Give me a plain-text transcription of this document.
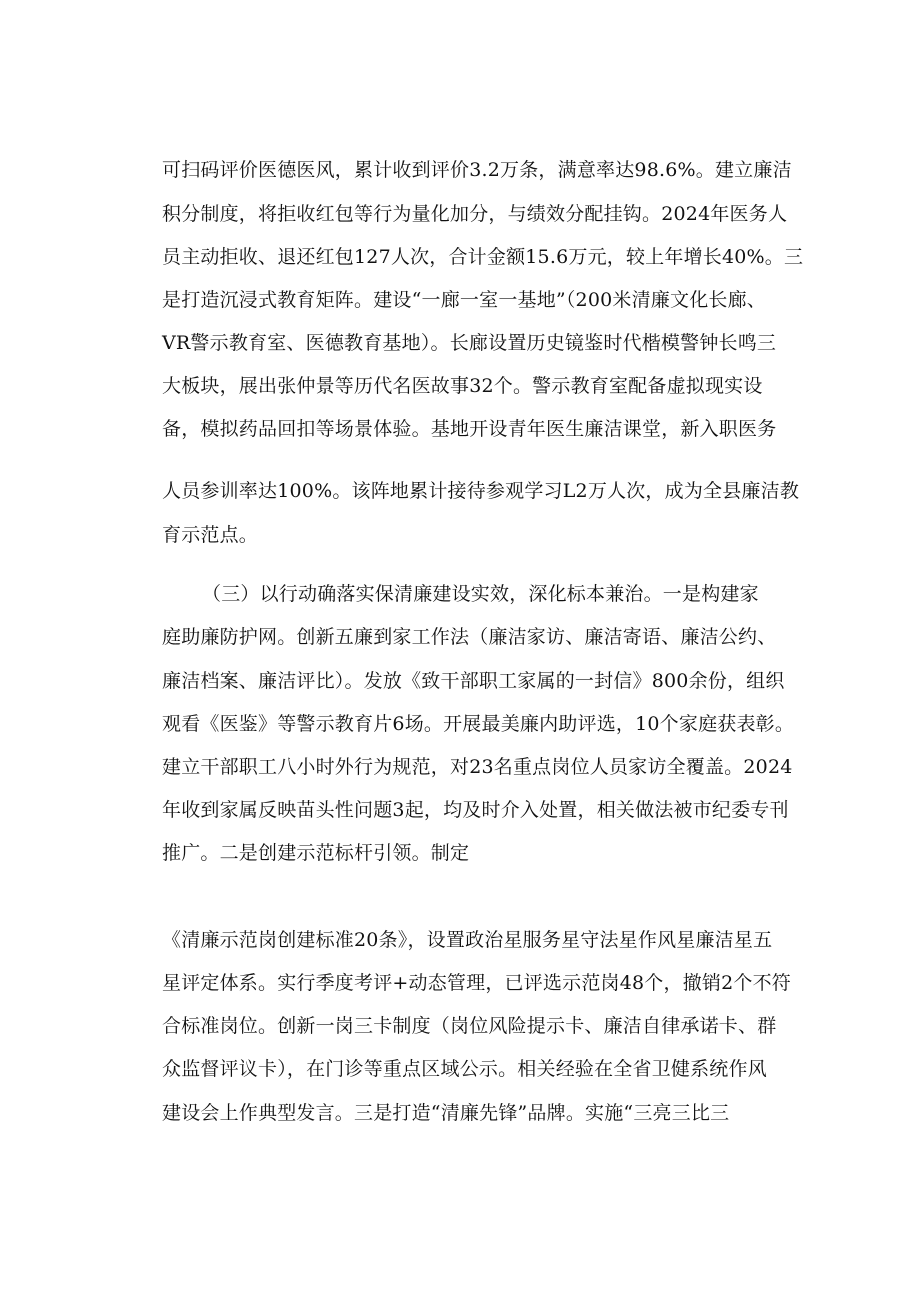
可扫码评价医德医风，累计收到评价3.2万条，满意率达98.6%。建立廉洁
积分制度，将拒收红包等行为量化加分，与绩效分配挂钩。2024年医务人
员主动拒收、退还红包127人次，合计金额15.6万元，较上年增长40%。三
是打造沉浸式教育矩阵。建设“一廊一室一基地”（200米清廉文化长廊、
VR警示教育室、医德教育基地）。长廊设置历史镜鉴时代楷模警钟长鸣三
大板块，展出张仲景等历代名医故事32个。警示教育室配备虚拟现实设
备，模拟药品回扣等场景体验。基地开设青年医生廉洁课堂，新入职医务
人员参训率达100%。该阵地累计接待参观学习L2万人次，成为全县廉洁教
育示范点。
（三）以行动确落实保清廉建设实效，深化标本兼治。一是构建家
庭助廉防护网。创新五廉到家工作法（廉洁家访、廉洁寄语、廉洁公约、
廉洁档案、廉洁评比）。发放《致干部职工家属的一封信》800余份，组织
观看《医鉴》等警示教育片6场。开展最美廉内助评选，10个家庭获表彰。
建立干部职工八小时外行为规范，对23名重点岗位人员家访全覆盖。2024
年收到家属反映苗头性问题3起，均及时介入处置，相关做法被市纪委专刊
推广。二是创建示范标杆引领。制定
《清廉示范岗创建标准20条》，设置政治星服务星守法星作风星廉洁星五
星评定体系。实行季度考评+动态管理，已评选示范岗48个，撤销2个不符
合标准岗位。创新一岗三卡制度（岗位风险提示卡、廉洁自律承诺卡、群
众监督评议卡），在门诊等重点区域公示。相关经验在全省卫健系统作风
建设会上作典型发言。三是打造“清廉先锋”品牌。实施“三亮三比三
